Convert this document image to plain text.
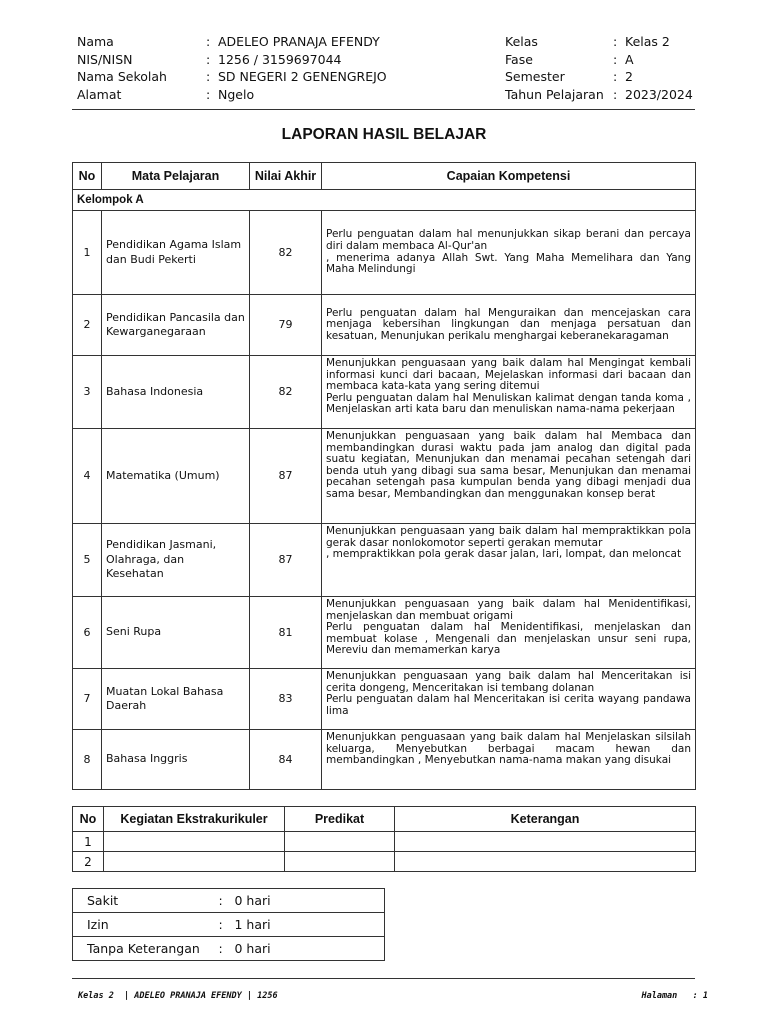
Nama	: ADELEO PRANAJA EFENDY
NIS/NISN	: 1256 / 3159697044
Nama Sekolah	: SD NEGERI 2 GENENGREJO
Alamat	: Ngelo
Kelas	: Kelas 2
Fase	: A
Semester	: 2
Tahun Pelajaran : 2023/2024
LAPORAN HASIL BELAJAR
No	Mata Pelajaran	Nilai Akhir	Capaian Kompetensi
Kelompok A			
1	Pendidikan Agama Islam dan Budi Pekerti	82	Perlu penguatan dalam hal menunjukkan sikap berani dan percaya diri dalam membaca Al-Qur'an
, menerima adanya Allah Swt. Yang Maha Memelihara dan Yang Maha Melindungi

2	Pendidikan Pancasila dan Kewarganegaraan	79	Perlu penguatan dalam hal Menguraikan dan mencejaskan cara menjaga kebersihan lingkungan dan menjaga persatuan dan kesatuan, Menunjukan perikalu menghargai keberanekaragaman

3	Bahasa Indonesia	82	Menunjukkan penguasaan yang baik dalam hal Mengingat kembali informasi kunci dari bacaan, Mejelaskan informasi dari bacaan dan membaca kata-kata yang sering ditemui
Perlu penguatan dalam hal Menuliskan kalimat dengan tanda koma , Menjelaskan arti kata baru dan menuliskan nama-nama pekerjaan

4	Matematika (Umum)	87	Menunjukkan penguasaan yang baik dalam hal Membaca dan membandingkan durasi waktu pada jam analog dan digital pada suatu kegiatan, Menunjukan dan menamai pecahan setengah dari benda utuh yang dibagi sua sama besar, Menunjukan dan menamai pecahan setengah pasa kumpulan benda yang dibagi menjadi dua sama besar, Membandingkan dan menggunakan konsep berat

5	Pendidikan Jasmani, Olahraga, dan Kesehatan	87	Menunjukkan penguasaan yang baik dalam hal mempraktikkan pola gerak dasar nonlokomotor seperti gerakan memutar
, mempraktikkan pola gerak dasar jalan, lari, lompat, dan meloncat

6	Seni Rupa	81	Menunjukkan penguasaan yang baik dalam hal Menidentifikasi, menjelaskan dan membuat origami
Perlu penguatan dalam hal Menidentifikasi, menjelaskan dan membuat kolase , Mengenali dan menjelaskan unsur seni rupa, Mereviu dan memamerkan karya

7	Muatan Lokal Bahasa Daerah	83	Menunjukkan penguasaan yang baik dalam hal Menceritakan isi cerita dongeng, Menceritakan isi tembang dolanan
Perlu penguatan dalam hal Menceritakan isi cerita wayang pandawa lima

8	Bahasa Inggris	84	Menunjukkan penguasaan yang baik dalam hal Menjelaskan silsilah keluarga, Menyebutkan berbagai macam hewan dan membandingkan , Menyebutkan nama-nama makan yang disukai
No	Kegiatan Ekstrakurikuler	Predikat	Keterangan
1			
2			
Sakit	:	0 hari
Izin	:	1 hari
Tanpa Keterangan	:	0 hari
Kelas 2  | ADELEO PRANAJA EFENDY | 1256	Halaman   : 1
